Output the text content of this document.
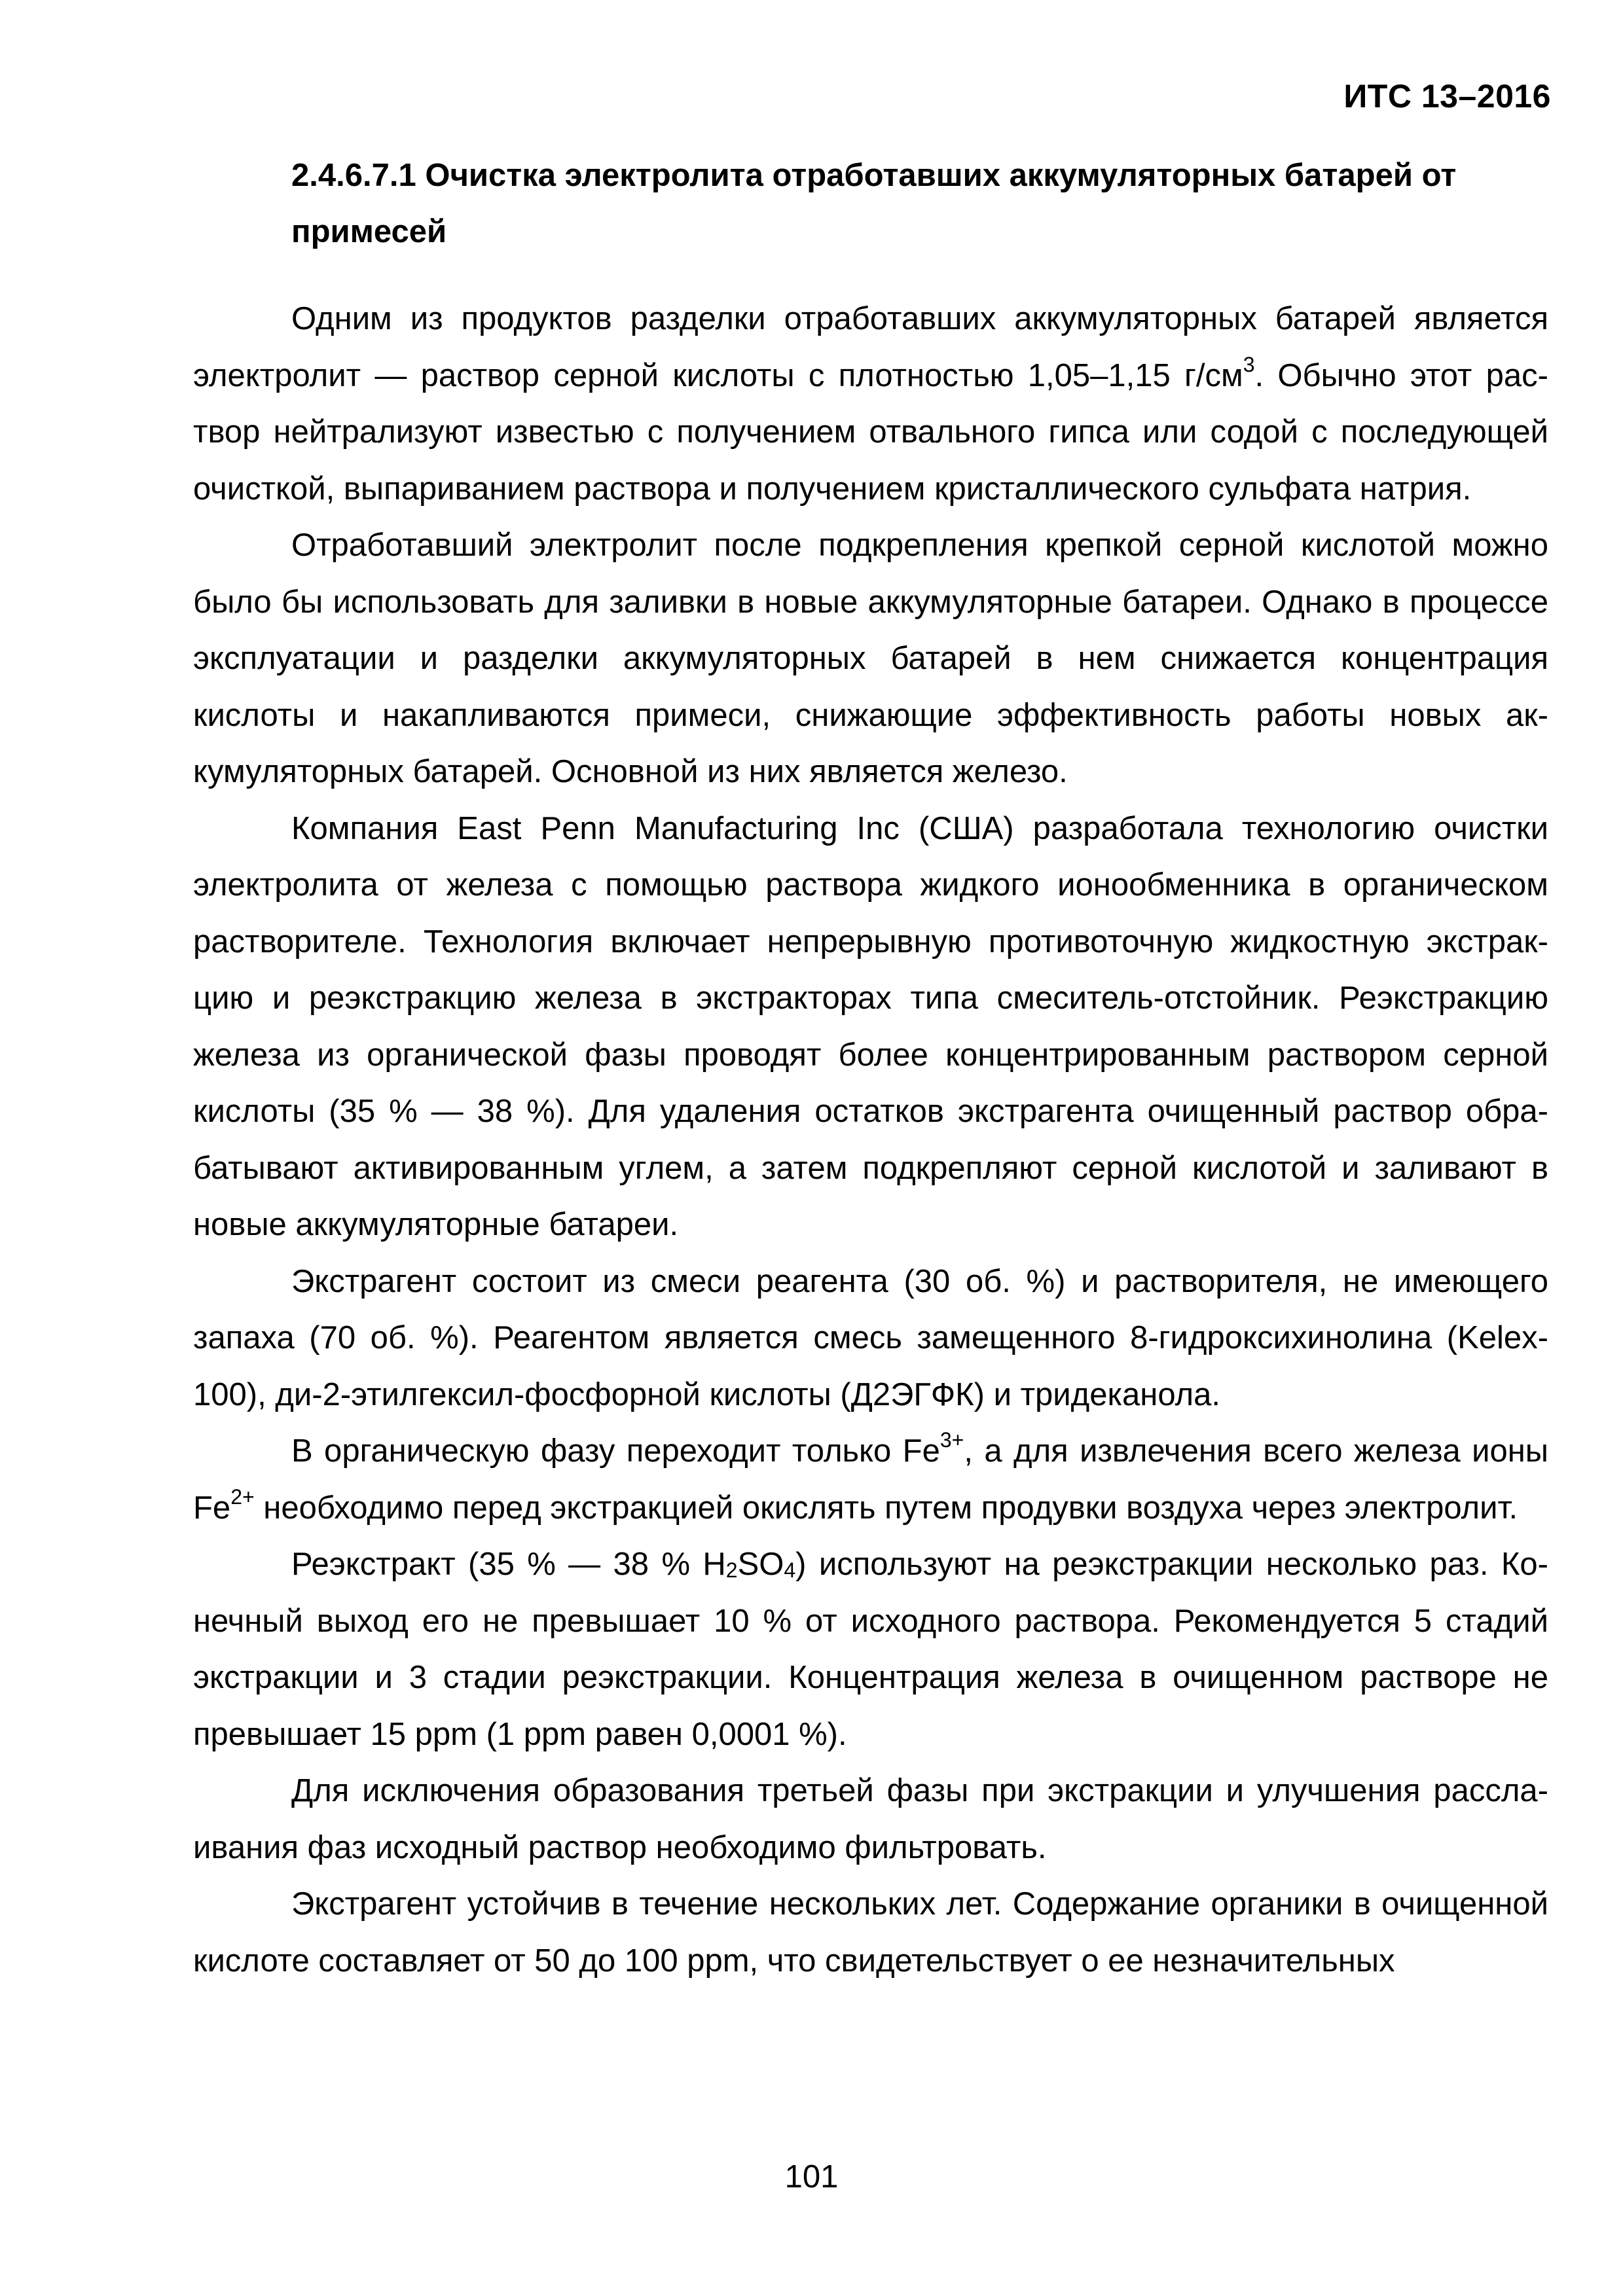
ИТС 13–2016
2.4.6.7.1 Очистка электролита отработавших аккумуляторных батарей от примесей

Одним из продуктов разделки отработавших аккумуляторных батарей является электролит — раствор серной кислоты с плотностью 1,05–1,15 $г/см^3$. Обычно этот раствор нейтрализуют известью с получением отвального гипса или содой с последующей очисткой, выпариванием раствора и получением кристаллического сульфата натрия.

Отработавший электролит после подкрепления крепкой серной кислотой можно было бы использовать для заливки в новые аккумуляторные батареи. Однако в процессе эксплуатации и разделки аккумуляторных батарей в нем снижается концентрация кислоты и накапливаются примеси, снижающие эффективность работы новых аккумуляторных батарей. Основной из них является железо.

Компания East Penn Manufacturing Inc (США) разработала технологию очистки электролита от железа с помощью раствора жидкого ионообменника в органическом растворителе. Технология включает непрерывную противоточную жидкостную экстракцию и реэкстракцию железа в экстракторах типа смеситель-отстойник. Реэкстракцию железа из органической фазы проводят более концентрированным раствором серной кислоты (35 % — 38 %). Для удаления остатков экстрагента очищенный раствор обрабатывают активированным углем, а затем подкрепляют серной кислотой и заливают в новые аккумуляторные батареи.

Экстрагент состоит из смеси реагента (30 об. %) и растворителя, не имеющего запаха (70 об. %). Реагентом является смесь замещенного 8-гидроксихинолина (Kelex-100), ди-2-этилгексил-фосфорной кислоты (Д2ЭГФК) и тридеканола.

В органическую фазу переходит только $Fe^{3+}$, а для извлечения всего железа ионы $Fe^{2+}$ необходимо перед экстракцией окислять путем продувки воздуха через электролит.

Реэкстракт (35 % — 38 % $H_2SO_4$) используют на реэкстракции несколько раз. Конечный выход его не превышает 10 % от исходного раствора. Рекомендуется 5 стадий экстракции и 3 стадии реэкстракции. Концентрация железа в очищенном растворе не превышает 15 ppm (1 ppm равен 0,0001 %).

Для исключения образования третьей фазы при экстракции и улучшения расслаивания фаз исходный раствор необходимо фильтровать.

Экстрагент устойчив в течение нескольких лет. Содержание органики в очищенной кислоте составляет от 50 до 100 ppm, что свидетельствует о ее незначительных

101
